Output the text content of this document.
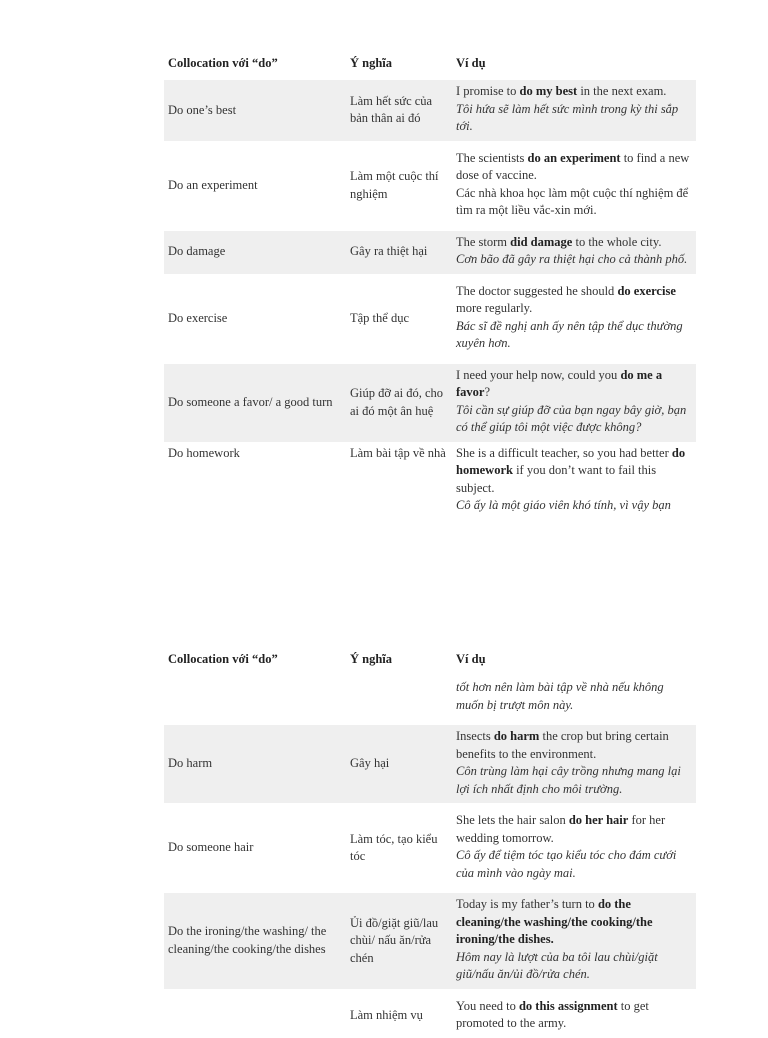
Collocation với “do”	Ý nghĩa	Ví dụ
Do one’s best	Làm hết sức của bản thân ai đó	I promise to do my best in the next exam.
Tôi hứa sẽ làm hết sức mình trong kỳ thi sắp tới.

Do an experiment	Làm một cuộc thí nghiệm	The scientists do an experiment to find a new dose of vaccine.
Các nhà khoa học làm một cuộc thí nghiệm để tìm ra một liều vắc-xin mới.

Do damage	Gây ra thiệt hại	The storm did damage to the whole city.
Cơn bão đã gây ra thiệt hại cho cả thành phố.

Do exercise	Tập thể dục	The doctor suggested he should do exercise more regularly.
Bác sĩ đề nghị anh ấy nên tập thể dục thường xuyên hơn.

Do someone a favor/ a good turn	Giúp đỡ ai đó, cho ai đó một ân huệ	I need your help now, could you do me a favor?
Tôi cần sự giúp đỡ của bạn ngay bây giờ, bạn có thể giúp tôi một việc được không?

Do homework	Làm bài tập về nhà	She is a difficult teacher, so you had better do homework if you don’t want to fail this subject.
Cô ấy là một giáo viên khó tính, vì vậy bạn
Collocation với “do”	Ý nghĩa	Ví dụ

		tốt hơn nên làm bài tập về nhà nếu không muốn bị trượt môn này.

Do harm	Gây hại	Insects do harm the crop but bring certain benefits to the environment.
Côn trùng làm hại cây trồng nhưng mang lại lợi ích nhất định cho môi trường.

Do someone hair	Làm tóc, tạo kiểu tóc	She lets the hair salon do her hair for her wedding tomorrow.
Cô ấy để tiệm tóc tạo kiểu tóc cho đám cưới của mình vào ngày mai.

Do the ironing/the washing/ the cleaning/the cooking/the dishes	Ủi đồ/giặt giũ/lau chùi/ nấu ăn/rửa chén	Today is my father’s turn to do the cleaning/the washing/the cooking/the ironing/the dishes.
Hôm nay là lượt của ba tôi lau chùi/giặt giũ/nấu ăn/ủi đồ/rửa chén.

	Làm nhiệm vụ	You need to do this assignment to get promoted to the army.
